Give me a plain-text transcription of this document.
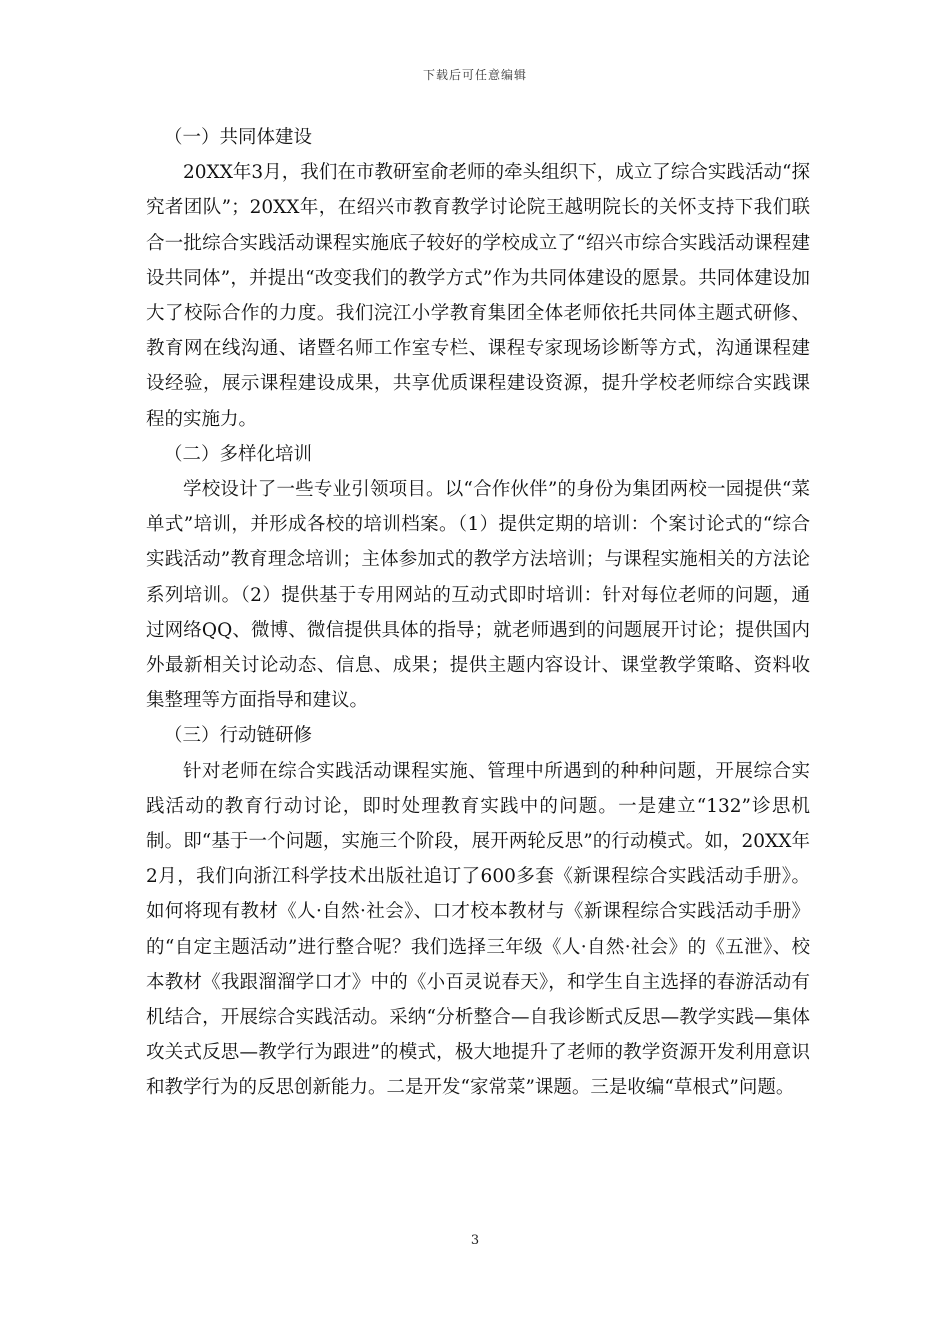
下载后可任意编辑

（一）共同体建设

20XX年3月，我们在市教研室俞老师的牵头组织下，成立了综合实践活动“探究者团队”；20XX年，在绍兴市教育教学讨论院王越明院长的关怀支持下我们联合一批综合实践活动课程实施底子较好的学校成立了“绍兴市综合实践活动课程建设共同体”，并提出“改变我们的教学方式”作为共同体建设的愿景。共同体建设加大了校际合作的力度。我们浣江小学教育集团全体老师依托共同体主题式研修、教育网在线沟通、诸暨名师工作室专栏、课程专家现场诊断等方式，沟通课程建设经验，展示课程建设成果，共享优质课程建设资源，提升学校老师综合实践课程的实施力。

（二）多样化培训

学校设计了一些专业引领项目。以“合作伙伴”的身份为集团两校一园提供“菜单式”培训，并形成各校的培训档案。（1）提供定期的培训：个案讨论式的“综合实践活动”教育理念培训；主体参加式的教学方法培训；与课程实施相关的方法论系列培训。（2）提供基于专用网站的互动式即时培训：针对每位老师的问题，通过网络QQ、微博、微信提供具体的指导；就老师遇到的问题展开讨论；提供国内外最新相关讨论动态、信息、成果；提供主题内容设计、课堂教学策略、资料收集整理等方面指导和建议。

（三）行动链研修

针对老师在综合实践活动课程实施、管理中所遇到的种种问题，开展综合实践活动的教育行动讨论，即时处理教育实践中的问题。一是建立“132”诊思机制。即“基于一个问题，实施三个阶段，展开两轮反思”的行动模式。如，20XX年2月，我们向浙江科学技术出版社追订了600多套《新课程综合实践活动手册》。如何将现有教材《人·自然·社会》、口才校本教材与《新课程综合实践活动手册》的“自定主题活动”进行整合呢？我们选择三年级《人·自然·社会》的《五泄》、校本教材《我跟溜溜学口才》中的《小百灵说春天》，和学生自主选择的春游活动有机结合，开展综合实践活动。采纳“分析整合—自我诊断式反思—教学实践—集体攻关式反思—教学行为跟进”的模式，极大地提升了老师的教学资源开发利用意识和教学行为的反思创新能力。二是开发“家常菜”课题。三是收编“草根式”问题。

3
